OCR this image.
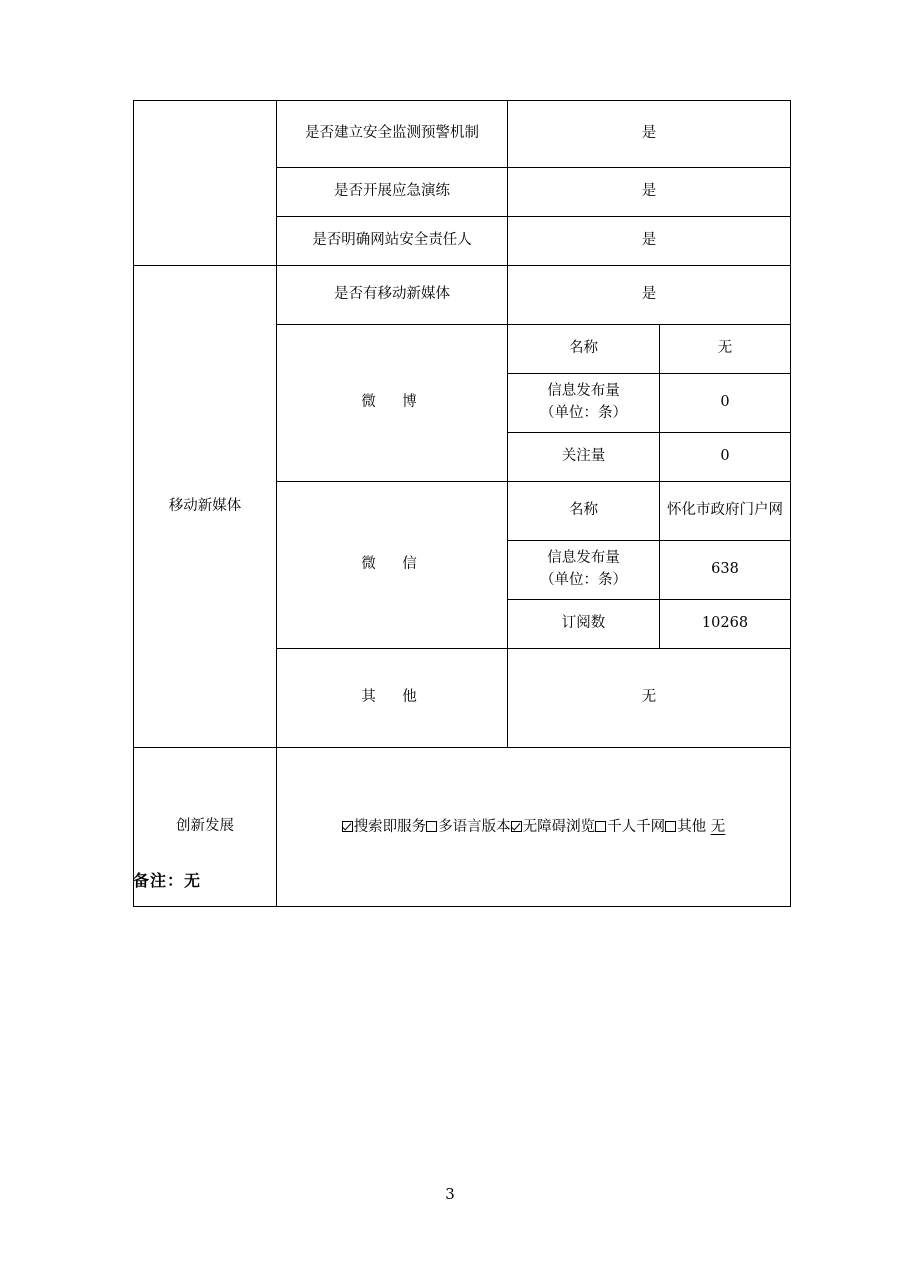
	是否建立安全监测预警机制	是	
	是否开展应急演练	是	
	是否明确网站安全责任人	是	
移动新媒体	是否有移动新媒体	是	
	微　博	名称	无

		信息发布量
（单位：条）	0
		关注量	0
	微　信	名称	怀化市政府门户网

		信息发布量
（单位：条）	638
		订阅数	10268
	其　他	无	
创新发展	搜索即服务 多语言版本 无障碍浏览 千人千网 其他 无		
备注：无
3
